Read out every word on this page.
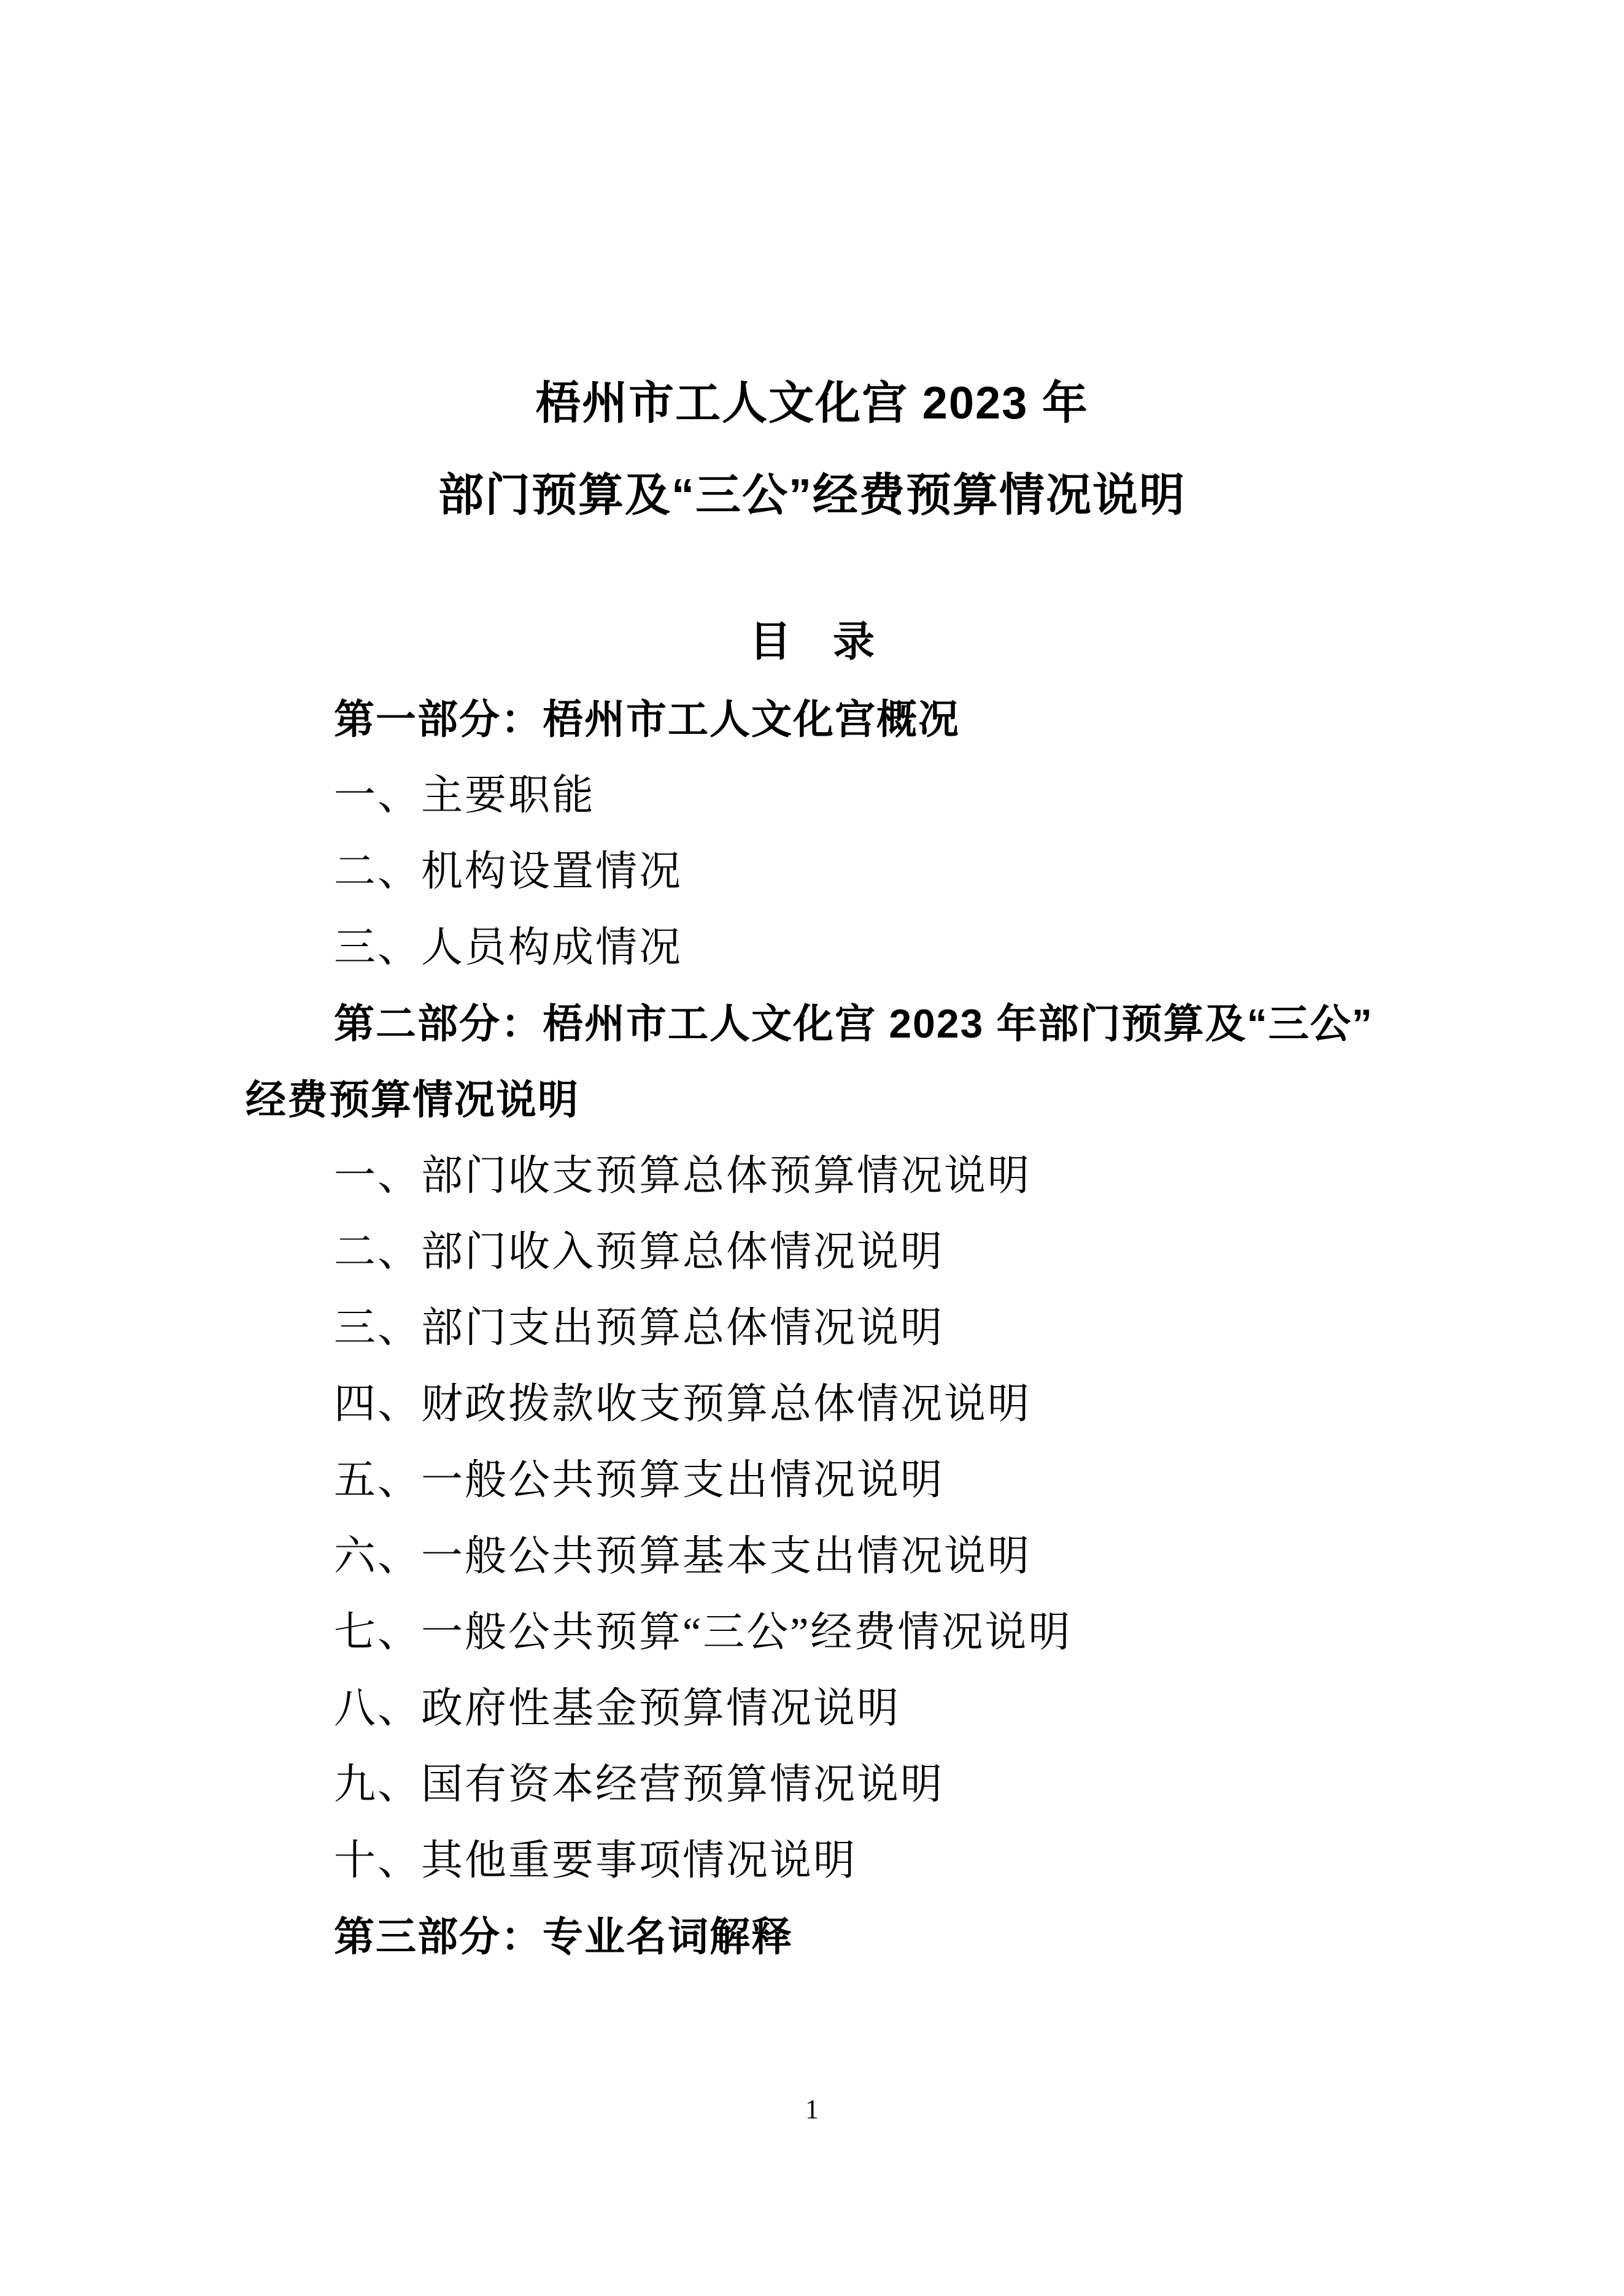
梧州市工人文化宫 2023 年
部门预算及“三公”经费预算情况说明
目　录
第一部分：梧州市工人文化宫概况
一、主要职能
二、机构设置情况
三、人员构成情况
第二部分：梧州市工人文化宫 2023 年部门预算及“三公”
经费预算情况说明
一、部门收支预算总体预算情况说明
二、部门收入预算总体情况说明
三、部门支出预算总体情况说明
四、财政拨款收支预算总体情况说明
五、一般公共预算支出情况说明
六、一般公共预算基本支出情况说明
七、一般公共预算“三公”经费情况说明
八、政府性基金预算情况说明
九、国有资本经营预算情况说明
十、其他重要事项情况说明
第三部分：专业名词解释
1
